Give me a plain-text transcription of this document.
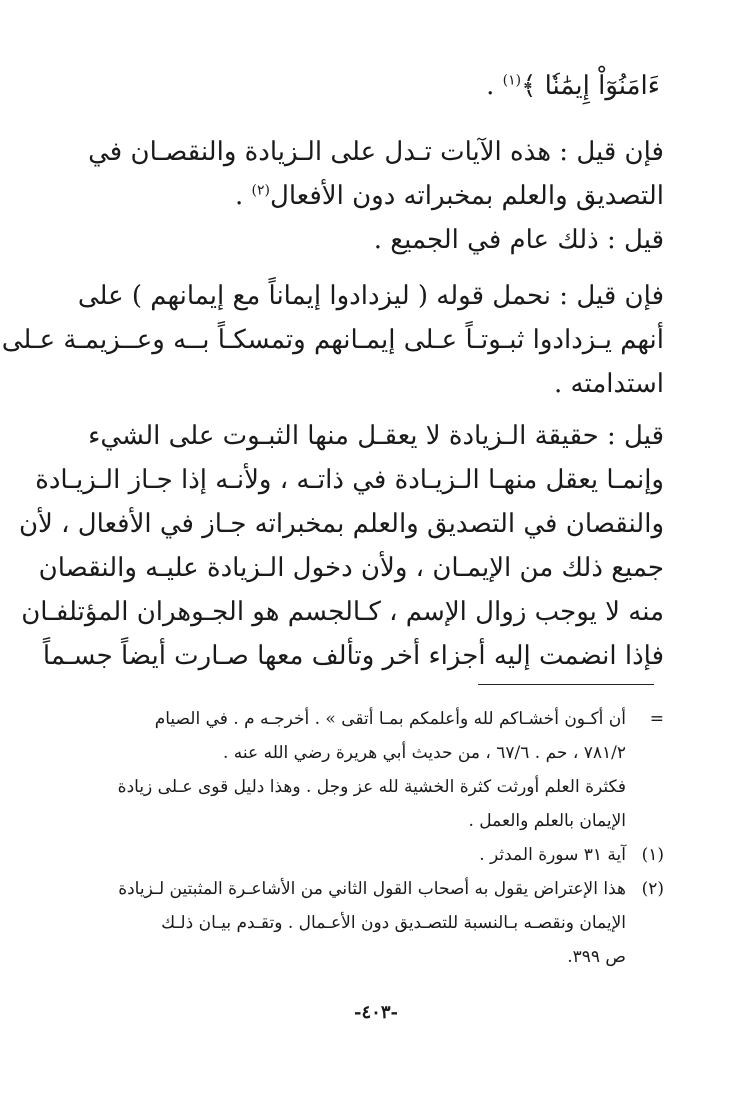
ءَامَنُوٓاْ إِيمَٰنٗا ﴾$^{(١)}$ .
فإن قيل : هذه الآيات تـدل على الـزيادة والنقصـان في
التصديق والعلم بمخبراته دون الأفعال$^{(٢)}$ .
قيل : ذلك عام في الجميع .
فإن قيل : نحمل قوله ( ليزدادوا إيماناً مع إيمانهم ) على
أنهم يـزدادوا ثبـوتـاً عـلى إيمـانهم وتمسكـاً بــه وعــزيمـة عـلى
استدامته .
قيل : حقيقة الـزيادة لا يعقـل منها الثبـوت على الشيء
وإنمـا يعقل منهـا الـزيـادة في ذاتـه ، ولأنـه إذا جـاز الـزيـادة
والنقصان في التصديق والعلم بمخبراته جـاز في الأفعال ، لأن
جميع ذلك من الإيمـان ، ولأن دخول الـزيادة عليـه والنقصان
منه لا يوجب زوال الإسم ، كـالجسم هو الجـوهران المؤتلفـان
فإذا انضمت إليه أجزاء أخر وتألف معها صـارت أيضاً جسـماً
=أن أكـون أخشـاكم لله وأعلمكم بمـا أتقى » . أخرجـه م . في الصيام
٧٨١/٢ ، حم . ٦٧/٦ ، من حديث أبي هريرة رضي الله عنه .
فكثرة العلم أورثت كثرة الخشية لله عز وجل . وهذا دليل قوى عـلى زيادة
الإيمان بالعلم والعمل .
(١)آية ٣١ سورة المدثر .
(٢)هذا الإعتراض يقول به أصحاب القول الثاني من الأشاعـرة المثبتين لـزيادة
الإيمان ونقصـه بـالنسبة للتصـديق دون الأعـمال . وتقـدم بيـان ذلـك
ص ٣٩٩.
-٤٠٣-
